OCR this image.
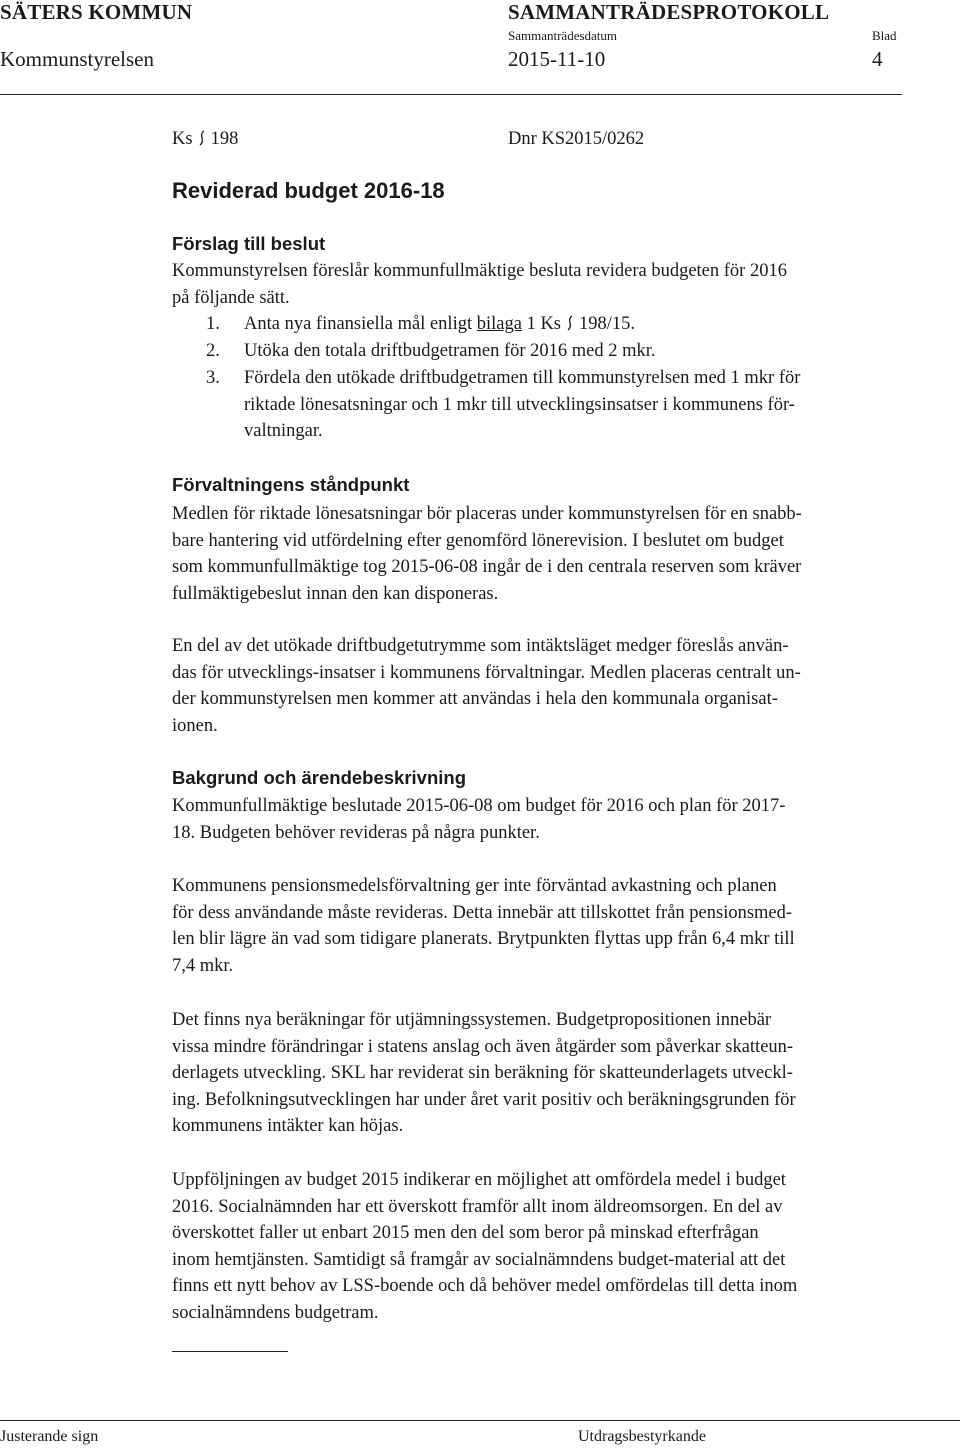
SÄTERS KOMMUN	SAMMANTRÄDESPROTOKOLL
Sammanträdesdatum	Blad
Kommunstyrelsen	2015-11-10	4
Ks 198	Dnr KS2015/0262
Reviderad budget 2016-18
Förslag till beslut
Kommunstyrelsen föreslår kommunfullmäktige besluta revidera budgeten för 2016
på följande sätt.
1. Anta nya finansiella mål enligt bilaga 1 Ks 198/15.
2. Utöka den totala driftbudgetramen för 2016 med 2 mkr.
3. Fördela den utökade driftbudgetramen till kommunstyrelsen med 1 mkr för
riktade lönesatsningar och 1 mkr till utvecklingsinsatser i kommunens för-
valtningar.
Förvaltningens ståndpunkt
Medlen för riktade lönesatsningar bör placeras under kommunstyrelsen för en snabb-
bare hantering vid utfördelning efter genomförd lönerevision. I beslutet om budget
som kommunfullmäktige tog 2015-06-08 ingår de i den centrala reserven som kräver
fullmäktigebeslut innan den kan disponeras.
En del av det utökade driftbudgetutrymme som intäktsläget medger föreslås använ-
das för utvecklings-insatser i kommunens förvaltningar. Medlen placeras centralt un-
der kommunstyrelsen men kommer att användas i hela den kommunala organisat-
ionen.
Bakgrund och ärendebeskrivning
Kommunfullmäktige beslutade 2015-06-08 om budget för 2016 och plan för 2017-
18. Budgeten behöver revideras på några punkter.
Kommunens pensionsmedelsförvaltning ger inte förväntad avkastning och planen
för dess användande måste revideras. Detta innebär att tillskottet från pensionsmed-
len blir lägre än vad som tidigare planerats. Brytpunkten flyttas upp från 6,4 mkr till
7,4 mkr.
Det finns nya beräkningar för utjämningssystemen. Budgetpropositionen innebär
vissa mindre förändringar i statens anslag och även åtgärder som påverkar skatteun-
derlagets utveckling. SKL har reviderat sin beräkning för skatteunderlagets utveckl-
ing. Befolkningsutvecklingen har under året varit positiv och beräkningsgrunden för
kommunens intäkter kan höjas.
Uppföljningen av budget 2015 indikerar en möjlighet att omfördela medel i budget
2016. Socialnämnden har ett överskott framför allt inom äldreomsorgen. En del av
överskottet faller ut enbart 2015 men den del som beror på minskad efterfrågan
inom hemtjänsten. Samtidigt så framgår av socialnämndens budget-material att det
finns ett nytt behov av LSS-boende och då behöver medel omfördelas till detta inom
socialnämndens budgetram.
Justerande sign	Utdragsbestyrkande
